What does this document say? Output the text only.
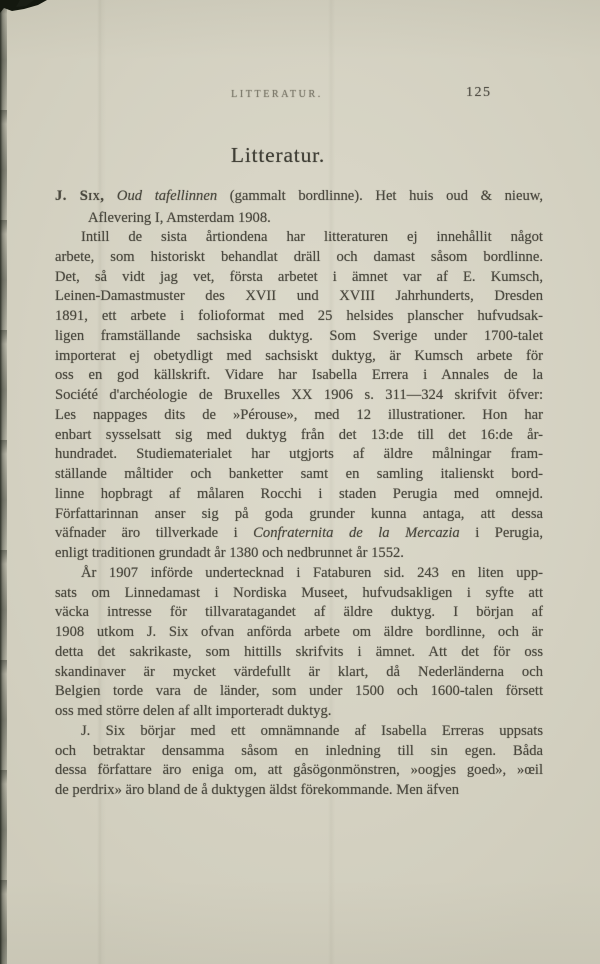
LITTERATUR.	125
Litteratur.
J. Six, Oud tafellinnen (gammalt bordlinne). Het huis oud & nieuw,
Aflevering I, Amsterdam 1908.
Intill de sista årtiondena har litteraturen ej innehållit något
arbete, som historiskt behandlat dräll och damast såsom bordlinne.
Det, så vidt jag vet, första arbetet i ämnet var af E. Kumsch,
Leinen-Damastmuster des XVII und XVIII Jahrhunderts, Dresden
1891, ett arbete i folioformat med 25 helsides planscher hufvudsak-
ligen framställande sachsiska duktyg. Som Sverige under 1700-talet
importerat ej obetydligt med sachsiskt duktyg, är Kumsch arbete för
oss en god källskrift. Vidare har Isabella Errera i Annales de la
Société d'archéologie de Bruxelles XX 1906 s. 311—324 skrifvit öfver:
Les nappages dits de »Pérouse», med 12 illustrationer. Hon har
enbart sysselsatt sig med duktyg från det 13:de till det 16:de år-
hundradet. Studiematerialet har utgjorts af äldre målningar fram-
ställande måltider och banketter samt en samling italienskt bord-
linne hopbragt af målaren Rocchi i staden Perugia med omnejd.
Författarinnan anser sig på goda grunder kunna antaga, att dessa
väfnader äro tillverkade i Confraternita de la Mercazia i Perugia,
enligt traditionen grundadt år 1380 och nedbrunnet år 1552.
År 1907 införde undertecknad i Fataburen sid. 243 en liten upp-
sats om Linnedamast i Nordiska Museet, hufvudsakligen i syfte att
väcka intresse för tillvaratagandet af äldre duktyg. I början af
1908 utkom J. Six ofvan anförda arbete om äldre bordlinne, och är
detta det sakrikaste, som hittills skrifvits i ämnet. Att det för oss
skandinaver är mycket värdefullt är klart, då Nederländerna och
Belgien torde vara de länder, som under 1500 och 1600-talen försett
oss med större delen af allt importeradt duktyg.
J. Six börjar med ett omnämnande af Isabella Erreras uppsats
och betraktar densamma såsom en inledning till sin egen. Båda
dessa författare äro eniga om, att gåsögonmönstren, »oogjes goed», »œil
de perdrix» äro bland de å duktygen äldst förekommande. Men äfven
